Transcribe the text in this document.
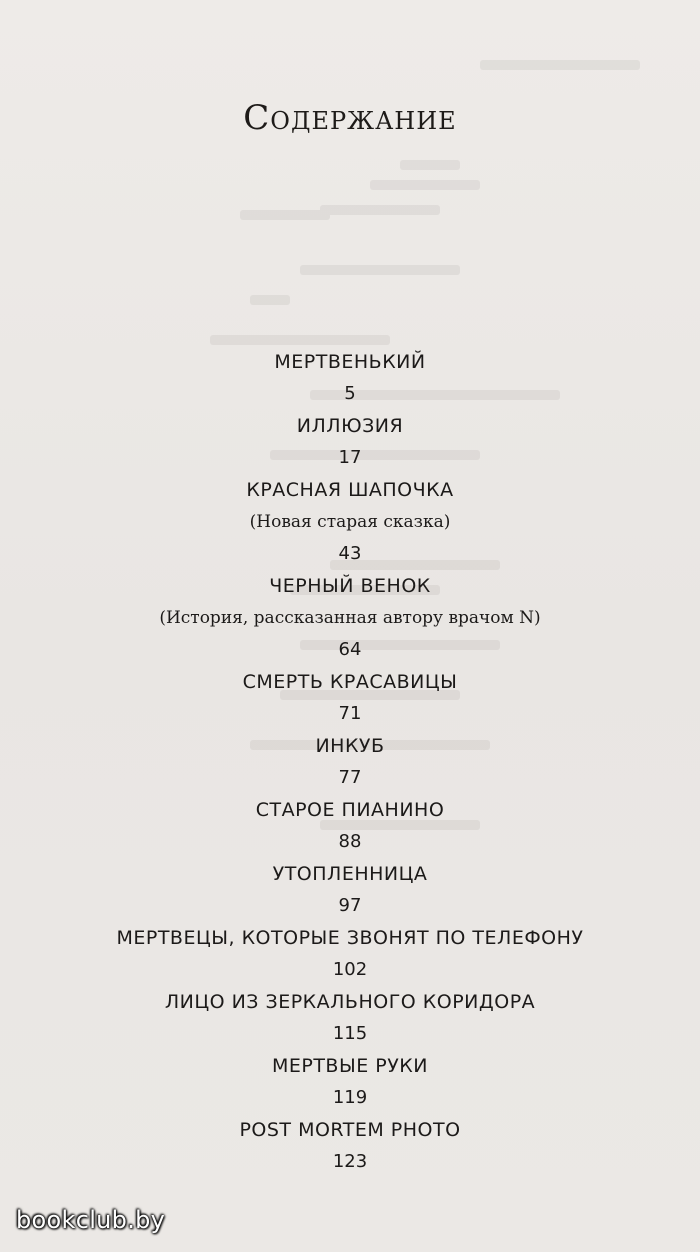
Содержание
МЕРТВЕНЬКИЙ
5
ИЛЛЮЗИЯ
17
КРАСНАЯ ШАПОЧКА
(Новая старая сказка)
43
ЧЕРНЫЙ ВЕНОК
(История, рассказанная автору врачом N)
64
СМЕРТЬ КРАСАВИЦЫ
71
ИНКУБ
77
СТАРОЕ ПИАНИНО
88
УТОПЛЕННИЦА
97
МЕРТВЕЦЫ, КОТОРЫЕ ЗВОНЯТ ПО ТЕЛЕФОНУ
102
ЛИЦО ИЗ ЗЕРКАЛЬНОГО КОРИДОРА
115
МЕРТВЫЕ РУКИ
119
POST MORTEM PHOTO
123
bookclub.by
